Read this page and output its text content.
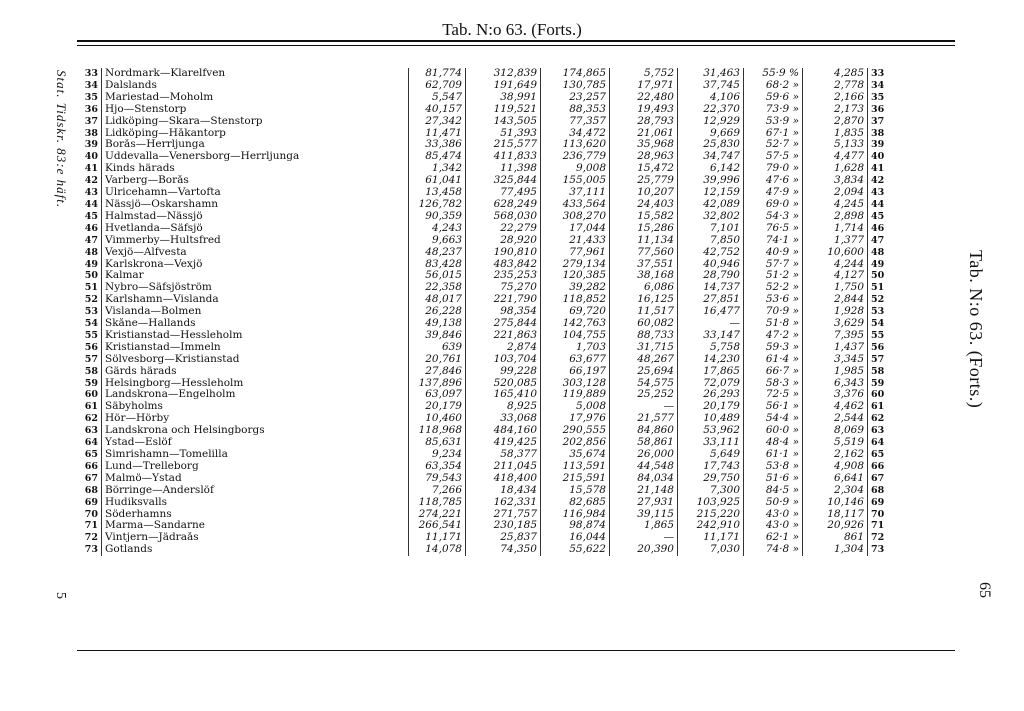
Tab. N:o 63. (Forts.)
Stat. Tidskr. 83:e häft.
5
Tab. N:o 63. (Forts.)
65
33	Nordmark—Klarelfven	81,774	312,839	174,865	5,752	31,463	55·9 %	4,285	33
34	Dalslands	62,709	191,649	130,785	17,971	37,745	68·2 »	2,778	34
35	Mariestad—Moholm	5,547	38,991	23,257	22,480	4,106	59·6 »	2,166	35
36	Hjo—Stenstorp	40,157	119,521	88,353	19,493	22,370	73·9 »	2,173	36
37	Lidköping—Skara—Stenstorp	27,342	143,505	77,357	28,793	12,929	53·9 »	2,870	37
38	Lidköping—Håkantorp	11,471	51,393	34,472	21,061	9,669	67·1 »	1,835	38
39	Borås—Herrljunga	33,386	215,577	113,620	35,968	25,830	52·7 »	5,133	39
40	Uddevalla—Venersborg—Herrljunga	85,474	411,833	236,779	28,963	34,747	57·5 »	4,477	40
41	Kinds härads	1,342	11,398	9,008	15,472	6,142	79·0 »	1,628	41
42	Varberg—Borås	61,041	325,844	155,005	25,779	39,996	47·6 »	3,834	42
43	Ulricehamn—Vartofta	13,458	77,495	37,111	10,207	12,159	47·9 »	2,094	43
44	Nässjö—Oskarshamn	126,782	628,249	433,564	24,403	42,089	69·0 »	4,245	44
45	Halmstad—Nässjö	90,359	568,030	308,270	15,582	32,802	54·3 »	2,898	45
46	Hvetlanda—Säfsjö	4,243	22,279	17,044	15,286	7,101	76·5 »	1,714	46
47	Vimmerby—Hultsfred	9,663	28,920	21,433	11,134	7,850	74·1 »	1,377	47
48	Vexjö—Alfvesta	48,237	190,810	77,961	77,560	42,752	40·9 »	10,600	48
49	Karlskrona—Vexjö	83,428	483,842	279,134	37,551	40,946	57·7 »	4,244	49
50	Kalmar	56,015	235,253	120,385	38,168	28,790	51·2 »	4,127	50
51	Nybro—Säfsjöström	22,358	75,270	39,282	6,086	14,737	52·2 »	1,750	51
52	Karlshamn—Vislanda	48,017	221,790	118,852	16,125	27,851	53·6 »	2,844	52
53	Vislanda—Bolmen	26,228	98,354	69,720	11,517	16,477	70·9 »	1,928	53
54	Skåne—Hallands	49,138	275,844	142,763	60,082	—	51·8 »	3,629	54
55	Kristianstad—Hessleholm	39,846	221,863	104,755	88,733	33,147	47·2 »	7,395	55
56	Kristianstad—Immeln	639	2,874	1,703	31,715	5,758	59·3 »	1,437	56
57	Sölvesborg—Kristianstad	20,761	103,704	63,677	48,267	14,230	61·4 »	3,345	57
58	Gärds härads	27,846	99,228	66,197	25,694	17,865	66·7 »	1,985	58
59	Helsingborg—Hessleholm	137,896	520,085	303,128	54,575	72,079	58·3 »	6,343	59
60	Landskrona—Engelholm	63,097	165,410	119,889	25,252	26,293	72·5 »	3,376	60
61	Säbyholms	20,179	8,925	5,008	—	20,179	56·1 »	4,462	61
62	Hör—Hörby	10,460	33,068	17,976	21,577	10,489	54·4 »	2,544	62
63	Landskrona och Helsingborgs	118,968	484,160	290,555	84,860	53,962	60·0 »	8,069	63
64	Ystad—Eslöf	85,631	419,425	202,856	58,861	33,111	48·4 »	5,519	64
65	Simrishamn—Tomelilla	9,234	58,377	35,674	26,000	5,649	61·1 »	2,162	65
66	Lund—Trelleborg	63,354	211,045	113,591	44,548	17,743	53·8 »	4,908	66
67	Malmö—Ystad	79,543	418,400	215,591	84,034	29,750	51·6 »	6,641	67
68	Börringe—Anderslöf	7,266	18,434	15,578	21,148	7,300	84·5 »	2,304	68
69	Hudiksvalls	118,785	162,331	82,685	27,931	103,925	50·9 »	10,146	69
70	Söderhamns	274,221	271,757	116,984	39,115	215,220	43·0 »	18,117	70
71	Marma—Sandarne	266,541	230,185	98,874	1,865	242,910	43·0 »	20,926	71
72	Vintjern—Jädraås	11,171	25,837	16,044	—	11,171	62·1 »	861	72
73	Gotlands	14,078	74,350	55,622	20,390	7,030	74·8 »	1,304	73
